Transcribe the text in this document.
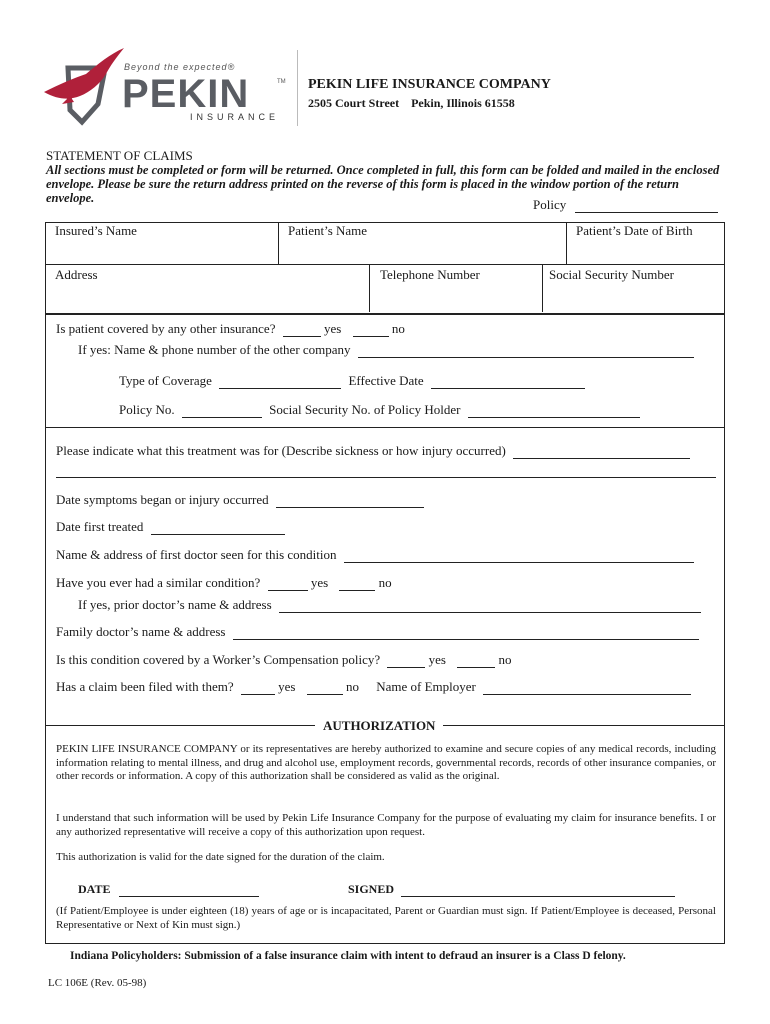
Beyond the expected®
PEKIN	TM
INSURANCE
PEKIN LIFE INSURANCE COMPANY
2505 Court Street    Pekin, Illinois 61558
STATEMENT OF CLAIMS
All sections must be completed or form will be returned. Once completed in full, this form can be folded and mailed in the enclosed envelope. Please be sure the return address printed on the reverse of this form is placed in the window portion of the return envelope.	Policy
Insured’s Name	Patient’s Name	Patient’s Date of Birth
Address	Telephone Number	Social Security Number
Is patient covered by any other insurance?	yes	no
If yes: Name & phone number of the other company
Type of Coverage	Effective Date
Policy No.	Social Security No. of Policy Holder
Please indicate what this treatment was for (Describe sickness or how injury occurred)
Date symptoms began or injury occurred
Date first treated
Name & address of first doctor seen for this condition
Have you ever had a similar condition?	yes	no
If yes, prior doctor’s name & address
Family doctor’s name & address
Is this condition covered by a Worker’s Compensation policy?	yes	no
Has a claim been filed with them?	yes	no Name of Employer
AUTHORIZATION
PEKIN LIFE INSURANCE COMPANY or its representatives are hereby authorized to examine and secure copies of any medical records, including information relating to mental illness, and drug and alcohol use, employment records, governmental records, records of other insurance companies, or other records or information. A copy of this authorization shall be considered as valid as the original.
I understand that such information will be used by Pekin Life Insurance Company for the purpose of evaluating my claim for insurance benefits. I or any authorized representative will receive a copy of this authorization upon request.
This authorization is valid for the date signed for the duration of the claim.
DATE	SIGNED
(If Patient/Employee is under eighteen (18) years of age or is incapacitated, Parent or Guardian must sign. If Patient/Employee is deceased, Personal Representative or Next of Kin must sign.)
Indiana Policyholders: Submission of a false insurance claim with intent to defraud an insurer is a Class D felony.
LC 106E (Rev. 05-98)
